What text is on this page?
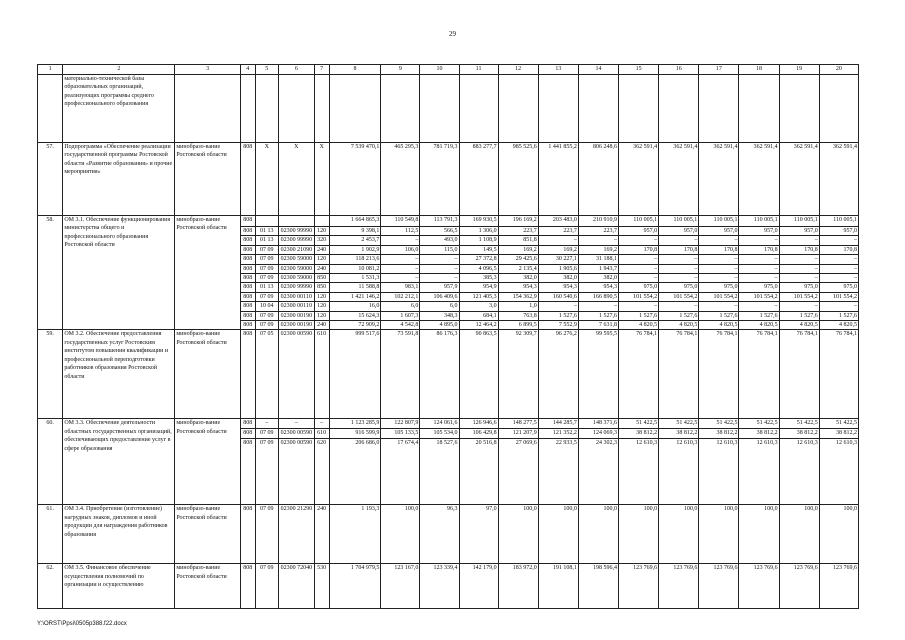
29
1	2	3	4	5	6	7	8	9	10	11	12	13	14	15	16	17	18	19	20
	материально-технической базы образовательных организаций, реализующих программы среднего профессионального образования																		
57.	Подпрограмма «Обеспечение реализации государственной программы Ростовской области «Развитие образования» и прочие мероприятия»	минобразо-вание Ростовской области	808	Х	Х	Х	7 539 470,1	465 295,3	781 719,3	883 277,7	985 525,6	1 441 855,2	806 248,6	362 591,4	362 591,4	362 591,4	362 591,4	362 591,4	362 591,4
58.	ОМ 3.1. Обеспечение функционирования министерства общего и профессионального образования Ростовской области	минобразо-вание Ростовской области	808				1 664 865,3	110 549,8	113 791,3	169 930,5	196 169,2	203 483,0	210 910,9	110 005,1	110 005,1	110 005,1	110 005,1	110 005,1	110 005,1
			808	01 13	02300 99990	120	9 398,1	112,5	566,5	1 306,0	223,7	223,7	223,7	957,0	957,0	957,0	957,0	957,0	957,0
			808	01 13	02300 99990	320	2 453,7	–	493,0	1 108,9	851,8	–	–	–	–	–	–	–	–
			808	07 09	02300 21090	240	1 902,9	106,0	115,0	149,5	169,2	169,2	169,2	170,8	170,8	170,8	170,8	170,8	170,8
			808	07 09	02300 59000	120	118 213,6	–	–	27 372,8	29 425,6	30 227,1	31 188,1	–	–	–	–	–	–
			808	07 09	02300 59000	240	10 081,2	–	–	4 096,5	2 135,4	1 905,6	1 943,7	–	–	–	–	–	–
			808	07 09	02300 59000	850	1 531,3	–	–	385,3	382,0	382,0	382,0	–	–	–	–	–	–
			808	01 13	02300 99990	850	11 588,8	983,1	957,9	954,9	954,3	954,3	954,3	975,0	975,0	975,0	975,0	975,0	975,0
			808	07 09	02300 00110	120	1 421 146,2	102 212,1	106 409,6	121 405,3	154 362,9	160 540,6	166 890,5	101 554,2	101 554,2	101 554,2	101 554,2	101 554,2	101 554,2
			808	10 04	02300 00110	120	16,0	6,0	6,0	3,0	1,0	–	–	–	–	–	–	–	–
			808	07 09	02300 00190	120	15 624,3	1 607,3	348,3	684,1	763,8	1 527,6	1 527,6	1 527,6	1 527,6	1 527,6	1 527,6	1 527,6	1 527,6
			808	07 09	02300 00190	240	72 909,2	4 542,8	4 895,0	12 464,2	6 899,5	7 552,9	7 631,8	4 820,5	4 820,5	4 820,5	4 820,5	4 820,5	4 820,5
59.	ОМ 3.2. Обеспечение предоставления государственных услуг Ростовским институтом повышения квалификации и профессиональной переподготовки работников образования Ростовской области	минобразо-вание Ростовской области	808	07 05	02300 00590	610	999 517,6	73 591,8	86 176,3	90 863,5	92 309,7	96 276,2	99 595,5	76 784,1	76 784,1	76 784,1	76 784,1	76 784,1	76 784,1
60.	ОМ 3.3. Обеспечение деятельности областных государственных организаций, обеспечивающих предоставление услуг в сфере образования	минобразо-вание Ростовской области	808	–	–	–	1 123 285,9	122 807,9	124 061,6	126 946,6	148 277,5	144 285,7	148 371,6	51 422,5	51 422,5	51 422,5	51 422,5	51 422,5	51 422,5
			808	07 09	02300 00590	610	916 599,9	105 133,5	105 534,0	106 429,8	121 207,9	121 352,2	124 069,3	38 812,2	38 812,2	38 812,2	38 812,2	38 812,2	38 812,2
			808	07 09	02300 00590	620	206 686,0	17 674,4	18 527,6	20 516,8	27 069,6	22 933,5	24 302,3	12 610,3	12 610,3	12 610,3	12 610,3	12 610,3	12 610,3
61.	ОМ 3.4. Приобретение (изготовление) нагрудных знаков, дипломов и иной продукции для награждения работников образования	минобразо-вание Ростовской области	808	07 09	02300 21290	240	1 193,3	100,0	96,3	97,0	100,0	100,0	100,0	100,0	100,0	100,0	100,0	100,0	100,0
62.	ОМ 3.5. Финансовое обеспечение осуществления полномочий по организации и осуществлению	минобразо-вание Ростовской области	808	07 09	02300 72040	530	1 704 979,5	123 167,0	123 339,4	142 179,0	183 972,0	191 108,1	198 596,4	123 769,6	123 769,6	123 769,6	123 769,6	123 769,6	123 769,6
Y:\ORST\Ppsi\0505p388.f22.docx
